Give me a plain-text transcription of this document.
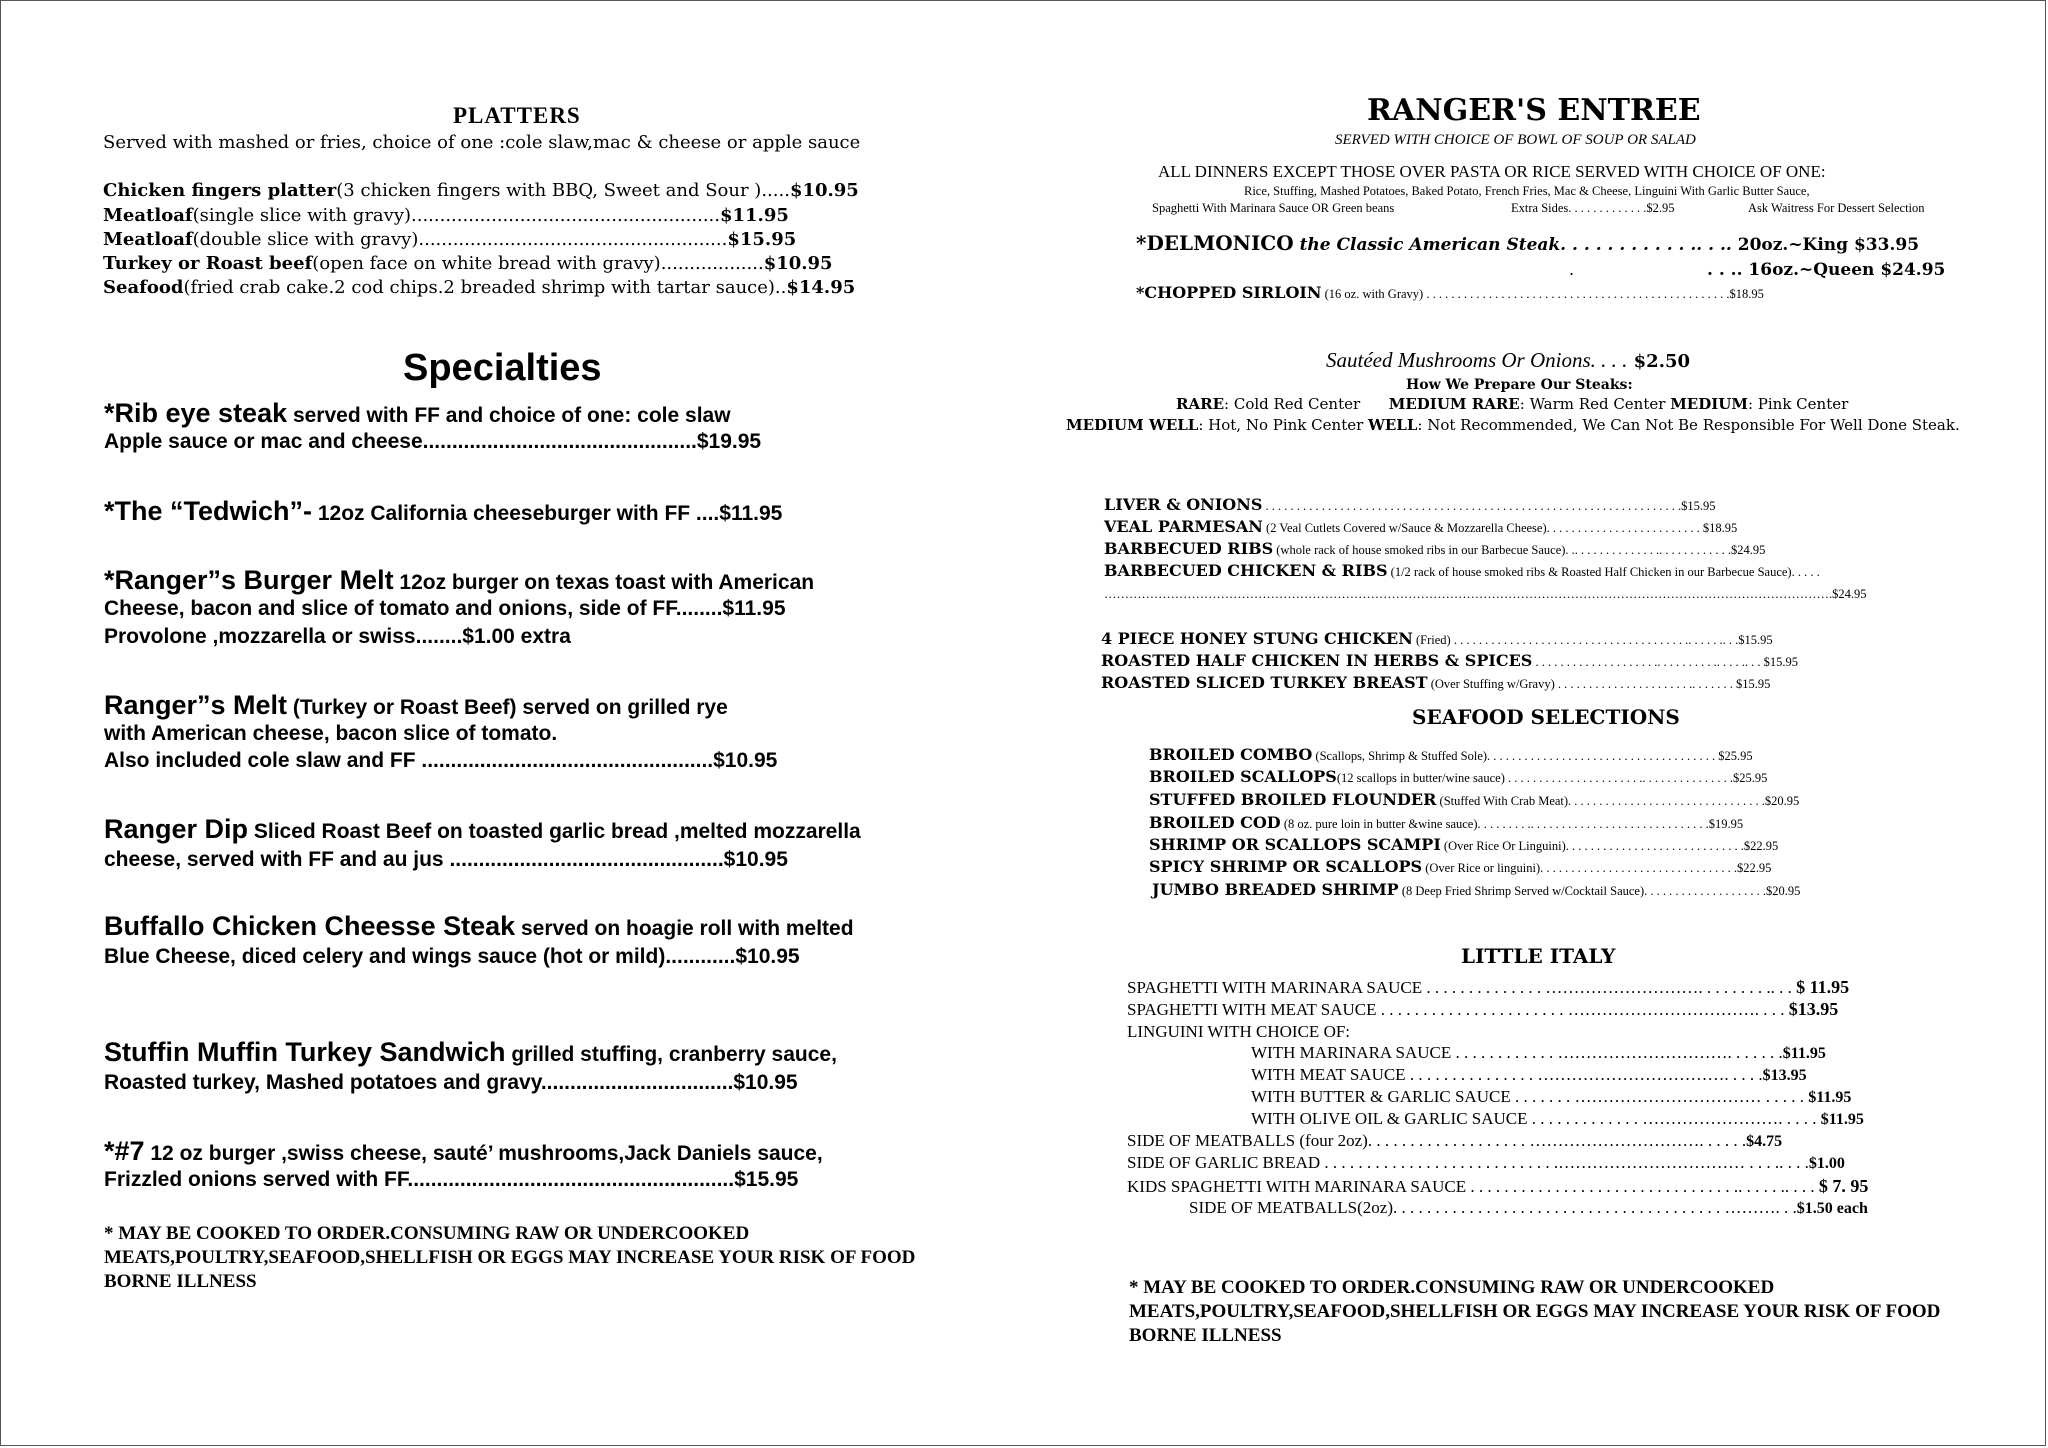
PLATTERS
Served with mashed or fries, choice of one :cole slaw,mac & cheese or apple sauce
Chicken fingers platter(3 chicken fingers with BBQ, Sweet and Sour ).....$10.95
Meatloaf(single slice with gravy)......................................................$11.95
Meatloaf(double slice with gravy)......................................................$15.95
Turkey or Roast beef(open face on white bread with gravy)..................$10.95
Seafood(fried crab cake.2 cod chips.2 breaded shrimp with tartar sauce)..$14.95
Specialties
*Rib eye steak served with FF and choice of one: cole slaw
Apple sauce or mac and cheese...............................................$19.95
*The “Tedwich”- 12oz California cheeseburger with FF ....$11.95
*Ranger”s Burger Melt 12oz burger on texas toast with American
Cheese, bacon and slice of tomato and onions, side of FF........$11.95
Provolone ,mozzarella or swiss........$1.00 extra
Ranger”s Melt (Turkey or Roast Beef) served on grilled rye
with American cheese, bacon slice of tomato.
Also included cole slaw and FF ..................................................$10.95
Ranger Dip Sliced Roast Beef on toasted garlic bread ,melted mozzarella
cheese, served with FF and au jus ...............................................$10.95
Buffallo Chicken Cheesse Steak served on hoagie roll with melted
Blue Cheese, diced celery and wings sauce (hot or mild)............$10.95
Stuffin Muffin Turkey Sandwich grilled stuffing, cranberry sauce,
Roasted turkey, Mashed potatoes and gravy.................................$10.95
*#7 12 oz burger ,swiss cheese, sauté’ mushrooms,Jack Daniels sauce,
Frizzled onions served with FF........................................................$15.95
* MAY BE COOKED TO ORDER.CONSUMING RAW OR UNDERCOOKED MEATS,POULTRY,SEAFOOD,SHELLFISH OR EGGS MAY INCREASE YOUR RISK OF FOOD BORNE ILLNESS
RANGER'S ENTREE
SERVED WITH CHOICE OF BOWL OF SOUP OR SALAD
ALL DINNERS EXCEPT THOSE OVER PASTA OR RICE SERVED WITH CHOICE OF ONE:
Rice, Stuffing, Mashed Potatoes, Baked Potato, French Fries, Mac & Cheese, Linguini With Garlic Butter Sauce,
Spaghetti With Marinara Sauce OR Green beans	Extra Sides. . . . . . . . . . . . .$2.95	Ask Waitress For Dessert Selection
*DELMONICO the Classic American Steak. . . . . . . . . . . .. . .. 20oz.~King $33.95
.	. . .. 16oz.~Queen $24.95
*CHOPPED SIRLOIN (16 oz. with Gravy) . . . . . . . . . . . . . . . . . . . . . . . . . . . . . . . . . . . . . . . . . . . . . . . . .$18.95
Sautéed Mushrooms Or Onions. . . . $2.50
How We Prepare Our Steaks:
RARE: Cold Red Center MEDIUM RARE: Warm Red Center MEDIUM: Pink Center
MEDIUM WELL: Hot, No Pink Center WELL: Not Recommended, We Can Not Be Responsible For Well Done Steak.
LIVER & ONIONS . . . . . . . . . . . . . . . . . . . . . . . . . . . . . . . . . . . . . . . . . . . . . . . . . . . . . . . . . . . . . . . . . . .$15.95
VEAL PARMESAN (2 Veal Cutlets Covered w/Sauce & Mozzarella Cheese). . . . . . . . . . . . . . . . . . . . . . . . . $18.95
BARBECUED RIBS (whole rack of house smoked ribs in our Barbecue Sauce). .. . . . . . . . . . . . . .. . . . . . . . . . . .$24.95
BARBECUED CHICKEN & RIBS (1/2 rack of house smoked ribs & Roasted Half Chicken in our Barbecue Sauce). . . . .
………………………………………………………………………………………………………………………………………………………….$24.95
4 PIECE HONEY STUNG CHICKEN (Fried) . . . . . . . . . . . . . . . . . . . . . . . . . . . . . . . . . . . . . .. . . . . .. . .$15.95
ROASTED HALF CHICKEN IN HERBS & SPICES . . . . . . . . . . . . . . . . . . . .. . . . . . . . . .. . . . .. . . $15.95
ROASTED SLICED TURKEY BREAST (Over Stuffing w/Gravy) . . . . . . . . . . . . . . . . . . . . . .. . . . . . . $15.95
SEAFOOD SELECTIONS
BROILED COMBO (Scallops, Shrimp & Stuffed Sole). . . . . . . . . . . . . . . . . . . . . . . . . . . . . . . . . . . . . $25.95
BROILED SCALLOPS(12 scallops in butter/wine sauce) . . . . . . . . . . . . . . . . . . . . . .. . . . . . . . . . . . . . .$25.95
STUFFED BROILED FLOUNDER (Stuffed With Crab Meat). . . . . . . . . . . . . . . . . . . . . . . . . . . . . . . .$20.95
BROILED COD (8 oz. pure loin in butter &wine sauce). . . . . . . . .. . . . . . . . . . . . . . . . . . . . . . . . . . . . .$19.95
SHRIMP OR SCALLOPS SCAMPI (Over Rice Or Linguini). . . . . . . . . . . . . . . . . . . . . . . . . . . . .$22.95
SPICY SHRIMP OR SCALLOPS (Over Rice or linguini). . . . . . . . . . . . . . . . . . . . . . . . . . . . . . . .$22.95
JUMBO BREADED SHRIMP (8 Deep Fried Shrimp Served w/Cocktail Sauce). . . . . . . . . . . . . . . . . . . .$20.95
LITTLE ITALY
SPAGHETTI WITH MARINARA SAUCE . . . . . . . . . . . . . . ………………………. . . . . . . . .. . . $ 11.95
SPAGHETTI WITH MEAT SAUCE . . . . . . . . . . . . . . . . . . . . . . ……………………………. . . . $13.95
LINGUINI WITH CHOICE OF:
WITH MARINARA SAUCE . . . . . . . . . . . . …………………………. . . . . . .$11.95
WITH MEAT SAUCE . . . . . . . . . . . . . . . ……………………………. . . . .$13.95
WITH BUTTER & GARLIC SAUCE . . . . . . . …………………………… . . . . . $11.95
WITH OLIVE OIL & GARLIC SAUCE . . . . . . . . . . . . . ……………………. . . . . $11.95
SIDE OF MEATBALLS (four 2oz). . . . . . . . . . . . . . . . . . . …………………………. . . . . .$4.75
SIDE OF GARLIC BREAD . . . . . . . . . . . . . . . . . . . . . . . . . . . .…………………………… . . . .. . . .$1.00
KIDS SPAGHETTI WITH MARINARA SAUCE . . . . . . . . . . . . . . . . . . . . . . . . . . . . . . . .. . . . . .. . . . $ 7. 95
SIDE OF MEATBALLS(2oz). . . . . . . . . . . . . . . . . . . . . . . . . . . . . . . . . . . . . . . ………. . .$1.50 each
* MAY BE COOKED TO ORDER.CONSUMING RAW OR UNDERCOOKED MEATS,POULTRY,SEAFOOD,SHELLFISH OR EGGS MAY INCREASE YOUR RISK OF FOOD BORNE ILLNESS
